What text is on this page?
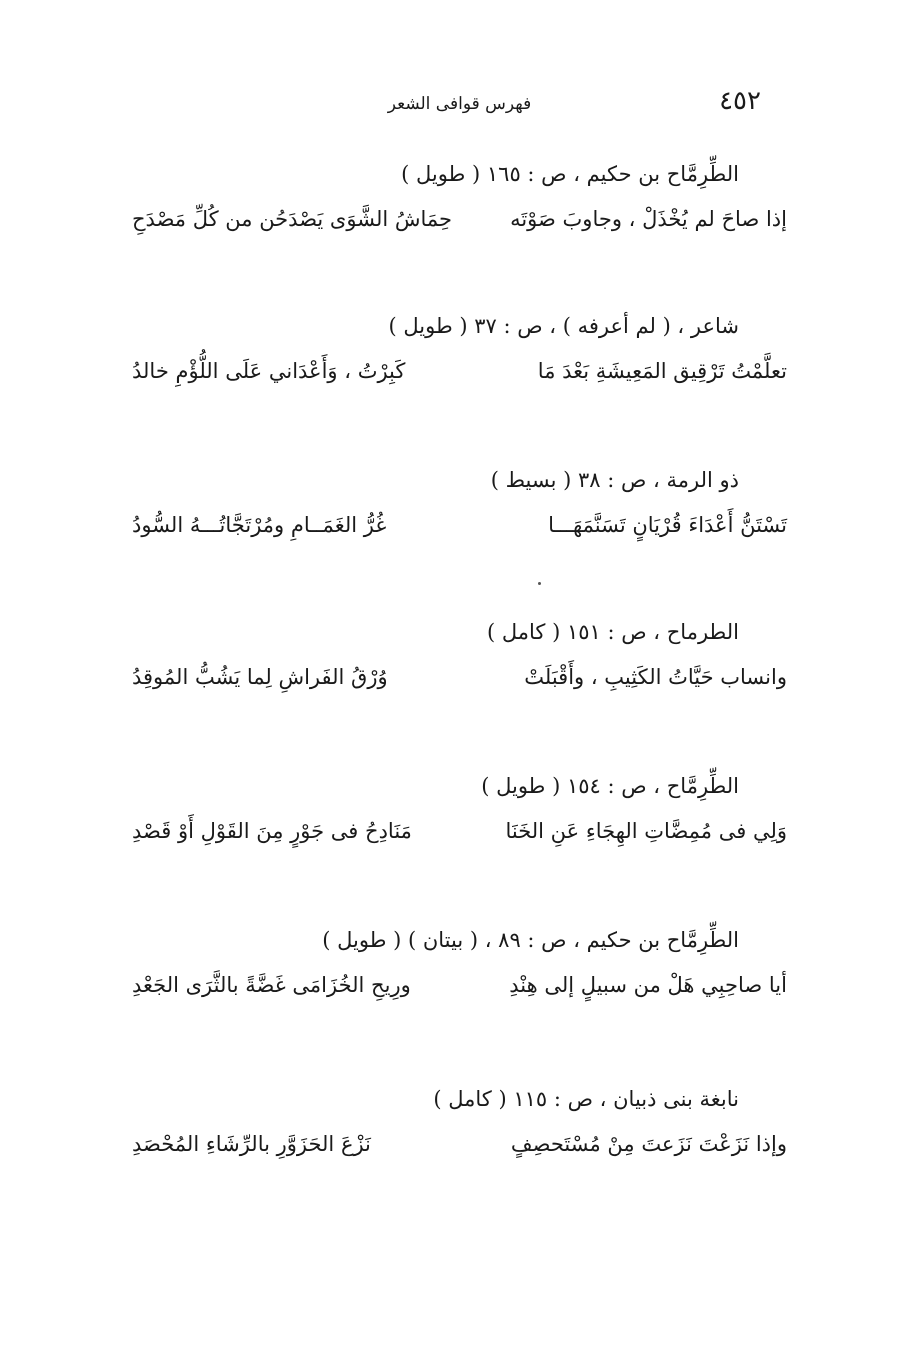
٤٥٢
فهرس قوافى الشعر
الطِّرِمَّاح بن حكيم ، ص : ١٦٥ ( طويل )
إذا صاحَ لم يُخْذَلْ ، وجاوبَ صَوْتَه
حِمَاشُ الشَّوَى يَصْدَحُن من كُلِّ مَصْدَحِ
شاعر ، ( لم أعرفه ) ، ص : ٣٧ ( طويل )
تعلَّمْتُ تَرْقِيق المَعِيشَةِ بَعْدَ مَا
كَبِرْتُ ، وَأَعْدَاني عَلَى اللُّؤْمِ خالدُ
ذو الرمة ، ص : ٣٨ ( بسيط )
تَسْتَنُّ أَعْدَاءَ قُرْيَانٍ تَسَنَّمَهَـــا
غُرُّ الغَمَــامِ ومُرْتَجَّاتُـــهُ السُّودُ
الطرماح ، ص : ١٥١ ( كامل )
وانساب حَيَّاتُ الكَثِيبِ ، وأَقْبَلَتْ
وُرْقُ الفَراشِ لِما يَشُبُّ المُوقِدُ
الطِّرِمَّاح ، ص : ١٥٤ ( طويل )
وَلِي فى مُمِضَّاتِ الهِجَاءِ عَنِ الخَنَا
مَنَادِحُ فى جَوْرٍ مِنَ القَوْلِ أَوْ قَصْدِ
الطِّرِمَّاح بن حكيم ، ص : ٨٩ ، ( بيتان ) ( طويل )
أيا صاحِبِي هَلْ من سبيلٍ إلى هِنْدِ
ورِيحِ الخُزَامَى غَضَّةً بالثَّرَى الجَعْدِ
نابغة بنى ذبيان ، ص : ١١٥ ( كامل )
وإذا نَزَعْتَ نَزَعتَ مِنْ مُسْتَحصِفٍ
نَزْعَ الحَزَوَّرِ بالرِّشَاءِ المُحْصَدِ
